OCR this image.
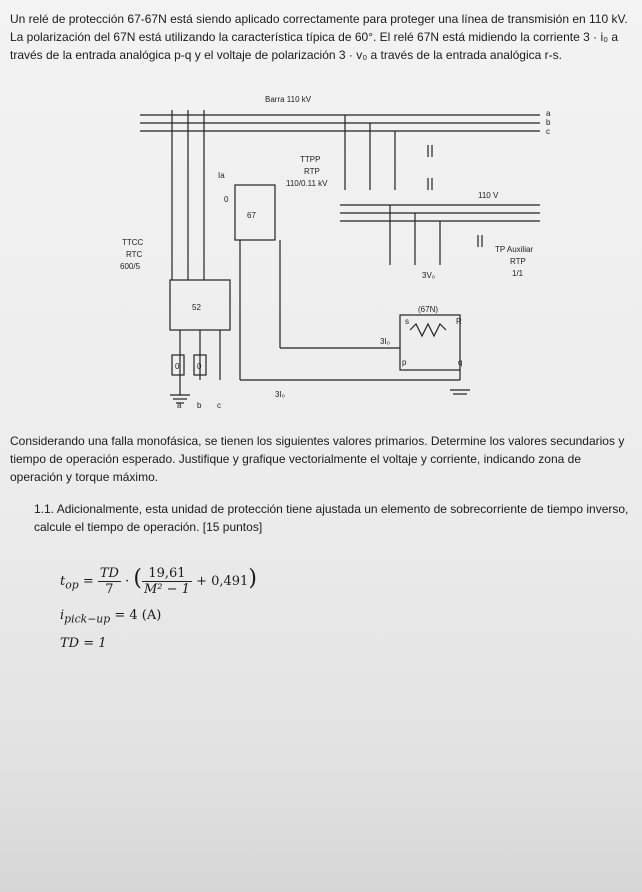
Un relé de protección 67-67N está siendo aplicado correctamente para proteger una línea de transmisión en 110 kV. La polarización del 67N está utilizando la característica típica de 60°. El relé 67N está midiendo la corriente 3 · i₀ a través de la entrada analógica p-q y el voltaje de polarización 3 · v₀ a través de la entrada analógica r-s.
Barra 110 kV
a
b
c
TTPP
RTP
110/0.11 kV
110 V
TTCC
RTC
600/5
67
(67N)
52
Ia
0
TP Auxiliar
RTP
1/1
3V₀
3I₀
3I₀
s	R
p	q
a b c
0 0
Considerando una falla monofásica, se tienen los siguientes valores primarios. Determine los valores secundarios y tiempo de operación esperado. Justifique y grafique vectorialmente el voltaje y corriente, indicando zona de operación y torque máximo.
1.1. Adicionalmente, esta unidad de protección tiene ajustada un elemento de sobrecorriente de tiempo inverso, calcule el tiempo de operación. [15 puntos]
$t_{op} = \frac{TD}{7}$ · ( $\frac{19,61}{\text{M² − 1}} + 0,491$)
$i_{pick-up} = 4$ (A)
TD = 1
